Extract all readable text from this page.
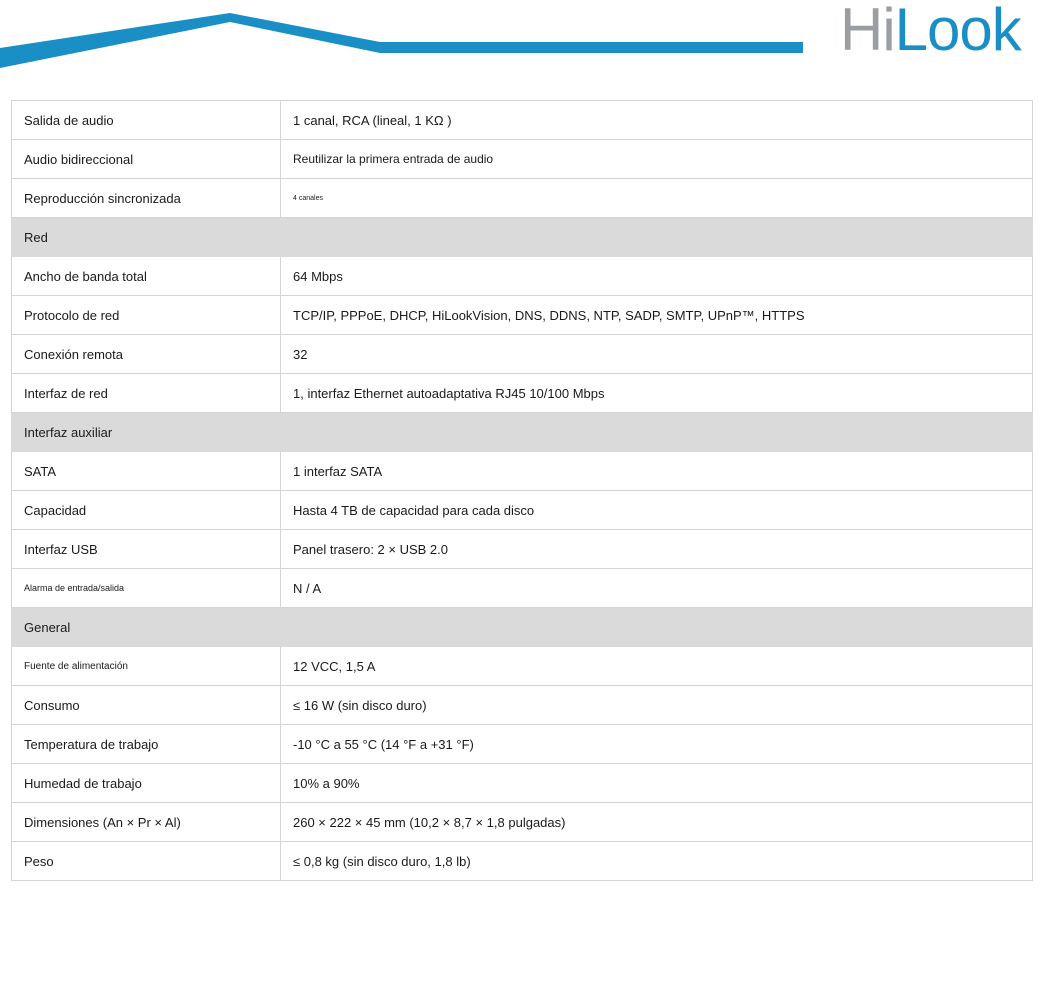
HiLook
Salida de audio	1 canal, RCA (lineal, 1 KΩ )
Audio bidireccional	Reutilizar la primera entrada de audio
Reproducción sincronizada	4 canales
Red	
Ancho de banda total	64 Mbps
Protocolo de red	TCP/IP, PPPoE, DHCP, HiLookVision, DNS, DDNS, NTP, SADP, SMTP, UPnP™, HTTPS
Conexión remota	32
Interfaz de red	1, interfaz Ethernet autoadaptativa RJ45 10/100 Mbps
Interfaz auxiliar	
SATA	1 interfaz SATA
Capacidad	Hasta 4 TB de capacidad para cada disco
Interfaz USB	Panel trasero: 2 × USB 2.0
Alarma de entrada/salida	N / A
General	
Fuente de alimentación	12 VCC, 1,5 A
Consumo	≤ 16 W (sin disco duro)
Temperatura de trabajo	-10 °C a 55 °C (14 °F a +31 °F)
Humedad de trabajo	10% a 90%
Dimensiones (An × Pr × Al)	260 × 222 × 45 mm (10,2 × 8,7 × 1,8 pulgadas)
Peso	≤ 0,8 kg (sin disco duro, 1,8 lb)
